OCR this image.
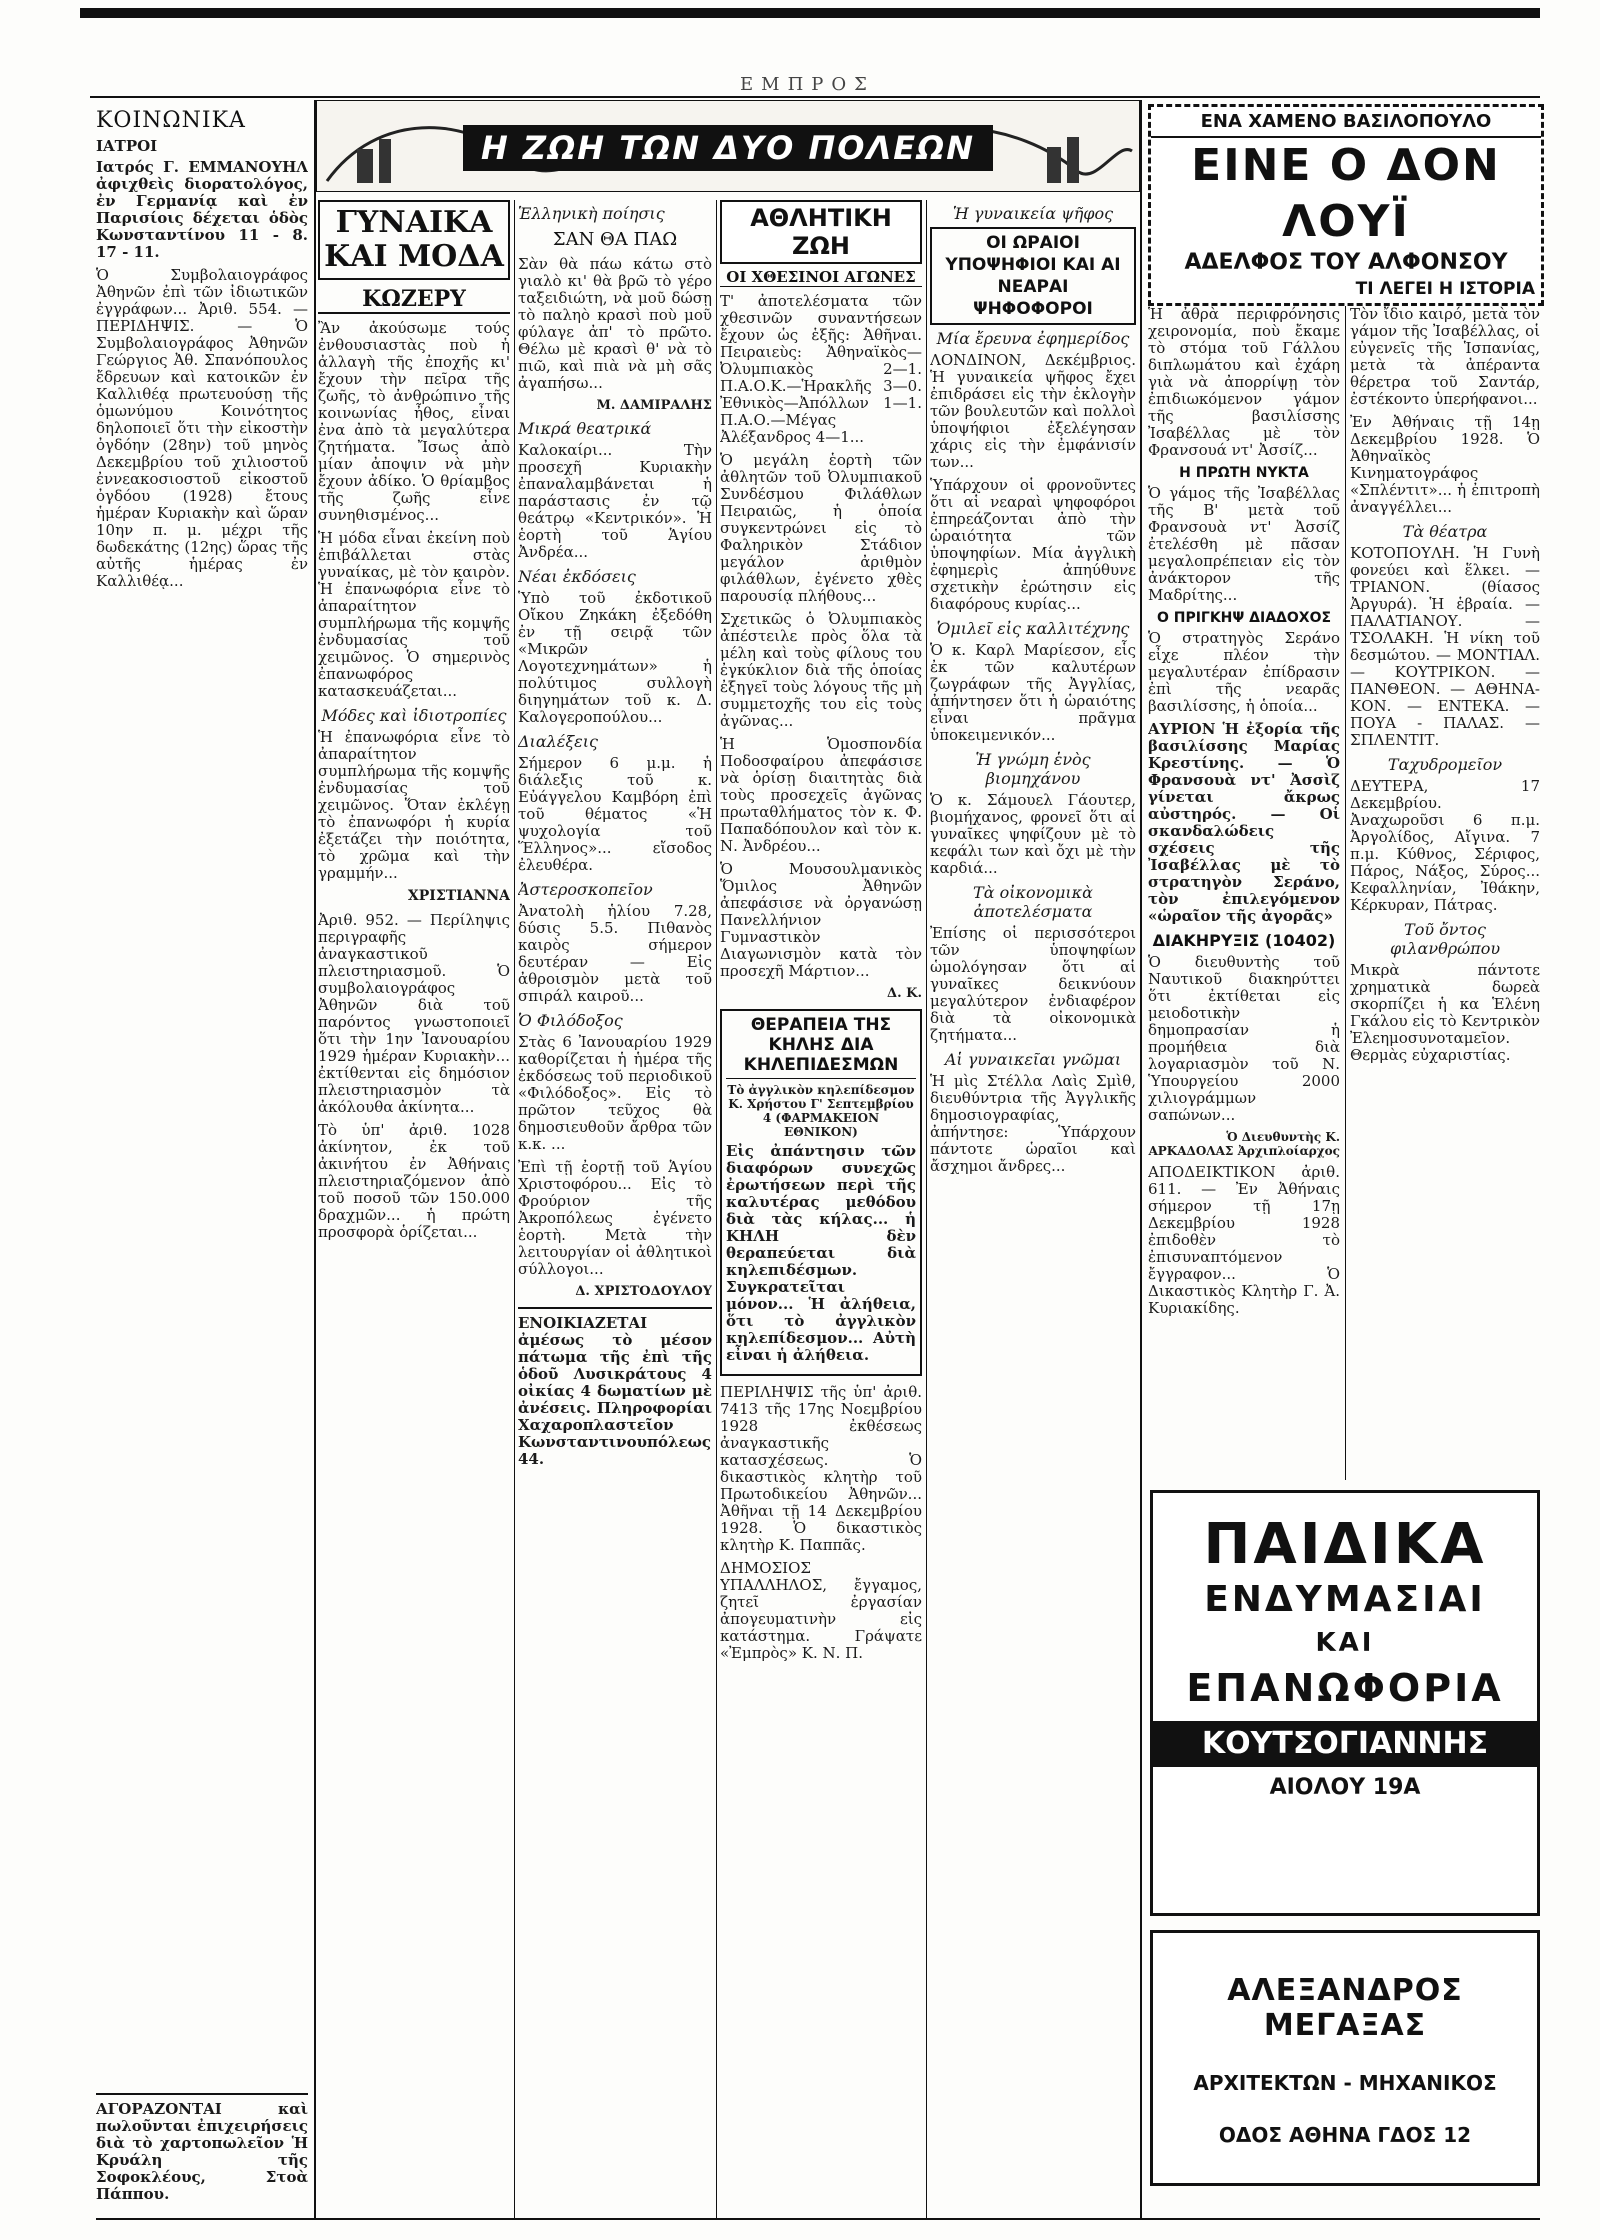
ΕΜΠΡΟΣ
Η ΖΩΗ ΤΩΝ ΔΥΟ ΠΟΛΕΩΝ
ΚΟΙΝΩΝΙΚΑ
ΙΑΤΡΟΙ

Ιατρός Γ. ΕΜΜΑΝΟΥΗΛ ἀφιχθεὶς διορατολόγος, ἐν Γερμανίᾳ καὶ ἐν Παρισίοις δέχεται ὁδὸς Κωνσταντίνου 11 - 8. 17 - 11.

Ὁ Συμβολαιογράφος Ἀθηνῶν ἐπὶ τῶν ἰδιωτικῶν ἐγγράφων... Ἀριθ. 554. — ΠΕΡΙΔΗΨΙΣ. — Ὁ Συμβολαιογράφος Ἀθηνῶν Γεώργιος Ἀθ. Σπανόπουλος ἔδρευων καὶ κατοικῶν ἐν Καλλιθέᾳ πρωτευούσῃ τῆς ὁμωνύμου Κοινότητος δηλοποιεῖ ὅτι τὴν εἰκοστὴν ὀγδόην (28ην) τοῦ μηνὸς Δεκεμβρίου τοῦ χιλιοστοῦ ἐννεακοσιοστοῦ εἰκοστοῦ ὀγδόου (1928) ἔτους ἡμέραν Κυριακὴν καὶ ὥραν 10ην π. μ. μέχρι τῆς δωδεκάτης (12ης) ὥρας τῆς αὐτῆς ἡμέρας ἐν Καλλιθέᾳ...

ΑΓΟΡΑΖΟΝΤΑΙ καὶ πωλοῦνται ἐπιχειρήσεις διὰ τὸ χαρτοπωλεῖον Ἡ Κρυάλη τῆς Σοφοκλέους, Στοὰ Πάππου.

ΓΥΝΑΙΚΑ ΚΑΙ ΜΟΔΑ
ΚΩΖΕΡΥ

Ἂν ἀκούσωμε τούς ἐνθουσιαστὰς ποὺ ἡ ἀλλαγὴ τῆς ἐποχῆς κι' ἔχουν τὴν πεῖρα τῆς ζωῆς, τὸ ἀνθρώπινο τῆς κοινωνίας ἦθος, εἶναι ἐνα ἀπὸ τὰ μεγαλύτερα ζητήματα. Ἴσως ἀπὸ μίαν ἀποψιν νὰ μὴν ἔχουν ἀδίκο. Ὁ θρίαμβος τῆς ζωῆς εἶνε συνηθισμένος...

Ἡ μόδα εἶναι ἐκείνη ποὺ ἐπιβάλλεται στὰς γυναίκας, μὲ τὸν καιρὸν. Ἡ ἐπανωφόρια εἶνε τὸ ἀπαραίτητον συμπλήρωμα τῆς κομψῆς ἐνδυμασίας τοῦ χειμῶνος. Ὁ σημερινὸς ἐπανωφόρος κατασκευάζεται...

Μόδες καὶ ἰδιοτροπίες

Ἡ ἐπανωφόρια εἶνε τὸ ἀπαραίτητον συμπλήρωμα τῆς κομψῆς ἐνδυμασίας τοῦ χειμῶνος. Ὅταν ἐκλέγῃ τὸ ἐπανωφόρι ἡ κυρία ἐξετάζει τὴν ποιότητα, τὸ χρῶμα καὶ τὴν γραμμήν...

ΧΡΙΣΤΙΑΝΝΑ

Ἀριθ. 952. — Περίληψις περιγραφῆς ἀναγκαστικοῦ πλειστηριασμοῦ. Ὁ συμβολαιογράφος Ἀθηνῶν διὰ τοῦ παρόντος γνωστοποιεῖ ὅτι τὴν 1ην Ἰανουαρίου 1929 ἡμέραν Κυριακὴν... ἐκτίθενται εἰς δημόσιον πλειστηριασμὸν τὰ ἀκόλουθα ἀκίνητα...

Τὸ ὑπ' ἀριθ. 1028 ἀκίνητον, ἐκ τοῦ ἀκινήτου ἐν Ἀθήναις πλειστηριαζόμενον ἀπὸ τοῦ ποσοῦ τῶν 150.000 δραχμῶν... ἡ πρώτη προσφορὰ ὁρίζεται...

Ἑλληνικὴ ποίησις
ΣΑΝ ΘΑ ΠΑΩ

Σὰν θὰ πάω κάτω στὸ γιαλὸ κι' θὰ βρῶ τὸ γέρο ταξειδιώτη, νὰ μοῦ δώσῃ τὸ παληὸ κρασὶ ποὺ μοῦ φύλαγε ἀπ' τὸ πρῶτο. Θέλω μὲ κρασὶ θ' νὰ τὸ πιῶ, καὶ πιὰ νὰ μὴ σᾶς ἀγαπήσω...

Μ. ΔΑΜΙΡΑΛΗΣ
Μικρά θεατρικά

Καλοκαίρι... Τὴν προσεχῆ Κυριακὴν ἐπαναλαμβάνεται ἡ παράστασις ἐν τῷ θεάτρῳ «Κεντρικόν». Ἡ ἑορτὴ τοῦ Ἁγίου Ἀνδρέα...

Νέαι ἐκδόσεις

Ὑπὸ τοῦ ἐκδοτικοῦ Οἴκου Ζηκάκη ἐξεδόθη ἐν τῇ σειρᾷ τῶν «Μικρῶν Λογοτεχνημάτων» ἡ πολύτιμος συλλογὴ διηγημάτων τοῦ κ. Δ. Καλογεροπούλου...

Διαλέξεις

Σήμερον 6 μ.μ. ἡ διάλεξις τοῦ κ. Εὐάγγελου Καμβόρη ἐπὶ τοῦ θέματος «Ἡ ψυχολογία τοῦ Ἕλληνος»... εἴσοδος ἐλευθέρα.

Ἀστεροσκοπεῖον

Ἀνατολὴ ἡλίου 7.28, δύσις 5.5. Πιθανὸς καιρὸς σήμερον δευτέραν — Εἰς ἀθροισμὸν μετὰ τοῦ σπιράλ καιροῦ...

Ὁ Φιλόδοξος

Στὰς 6 Ἰανουαρίου 1929 καθορίζεται ἡ ἡμέρα τῆς ἐκδόσεως τοῦ περιοδικοῦ «Φιλόδοξος». Εἰς τὸ πρῶτον τεῦχος θὰ δημοσιευθοῦν ἄρθρα τῶν κ.κ. ...

Ἐπὶ τῇ ἐορτῇ τοῦ Ἁγίου Χριστοφόρου... Εἰς τὸ Φρούριον τῆς Ἀκροπόλεως ἐγένετο ἑορτὴ. Μετὰ τὴν λειτουργίαν οἱ ἀθλητικοὶ σύλλογοι...

Δ. ΧΡΙΣΤΟΔΟΥΛΟΥ

ΕΝΟΙΚΙΑΖΕΤΑΙ ἀμέσως τὸ μέσον πάτωμα τῆς ἐπὶ τῆς ὁδοῦ Λυσικράτους 4 οἰκίας 4 δωματίων μὲ ἀνέσεις. Πληροφορίαι Χαχαροπλαστεῖον Κωνσταντινουπόλεως 44.

ΑΘΛΗΤΙΚΗ ΖΩΗ
ΟΙ ΧΘΕΣΙΝΟΙ ΑΓΩΝΕΣ

Τ' ἀποτελέσματα τῶν χθεσινῶν συναντήσεων ἔχουν ὡς ἑξῆς: Ἀθῆναι. Πειραιεὺς: Ἀθηναϊκὸς—Ὀλυμπιακὸς 2—1. Π.Α.Ο.Κ.—Ἡρακλῆς 3—0. Ἐθνικὸς—Ἀπόλλων 1—1. Π.Α.Ο.—Μέγας Ἀλέξανδρος 4—1...

Ὁ μεγάλη ἑορτὴ τῶν ἀθλητῶν τοῦ Ὀλυμπιακοῦ Συνδέσμου Φιλάθλων Πειραιῶς, ἡ ὁποία συγκεντρώνει εἰς τὸ Φαληρικὸν Στάδιον μεγάλον ἀριθμὸν φιλάθλων, ἐγένετο χθὲς παρουσίᾳ πλήθους...

Σχετικῶς ὁ Ὀλυμπιακὸς ἀπέστειλε πρὸς ὅλα τὰ μέλη καὶ τοὺς φίλους του ἐγκύκλιον διὰ τῆς ὁποίας ἐξηγεῖ τοὺς λόγους τῆς μὴ συμμετοχῆς του εἰς τοὺς ἀγῶνας...

Ἡ Ὁμοσπονδία Ποδοσφαίρου ἀπεφάσισε νὰ ὁρίσῃ διαιτητὰς διὰ τοὺς προσεχεῖς ἀγῶνας πρωταθλήματος τὸν κ. Φ. Παπαδόπουλον καὶ τὸν κ. Ν. Ἀνδρέου...

Ὁ Μουσουλμανικὸς Ὅμιλος Ἀθηνῶν ἀπεφάσισε νὰ ὀργανώσῃ Πανελλήνιον Γυμναστικὸν Διαγωνισμὸν κατὰ τὸν προσεχῆ Μάρτιον...

Δ. Κ.
ΘΕΡΑΠΕΙΑ ΤΗΣ ΚΗΛΗΣ ΔΙΑ ΚΗΛΕΠΙΔΕΣΜΩΝ
Τὸ ἀγγλικὸν κηλεπίδεσμον Κ. Χρήστου Γ' Σεπτεμβρίου 4 (ΦΑΡΜΑΚΕΙΟΝ ΕΘΝΙΚΟΝ)

Εἰς ἀπάντησιν τῶν διαφόρων συνεχῶς ἐρωτήσεων περὶ τῆς καλυτέρας μεθόδου διὰ τὰς κήλας... ἡ ΚΗΛΗ δὲν θεραπεύεται διὰ κηλεπιδέσμων. Συγκρατεῖται μόνον... Ἡ ἀλήθεια, ὅτι τὸ ἀγγλικὸν κηλεπίδεσμον... Αὐτὴ εἶναι ἡ ἀλήθεια.

ΠΕΡΙΛΗΨΙΣ τῆς ὑπ' ἀριθ. 7413 τῆς 17ης Νοεμβρίου 1928 ἐκθέσεως ἀναγκαστικῆς κατασχέσεως. Ὁ δικαστικὸς κλητὴρ τοῦ Πρωτοδικείου Ἀθηνῶν... Ἀθῆναι τῇ 14 Δεκεμβρίου 1928. Ὁ δικαστικὸς κλητὴρ Κ. Παππᾶς.

ΔΗΜΟΣΙΟΣ ΥΠΑΛΛΗΛΟΣ, ἔγγαμος, ζητεῖ ἐργασίαν ἀπογευματινὴν εἰς κατάστημα. Γράψατε «Ἐμπρὸς» Κ. Ν. Π.

Ἡ γυναικεία ψῆφος
ΟΙ ΩΡΑΙΟΙ ΥΠΟΨΗΦΙΟΙ ΚΑΙ ΑΙ ΝΕΑΡΑΙ ΨΗΦΟΦΟΡΟΙ
Μία ἔρευνα ἐφημερίδος

ΛΟΝΔΙΝΟΝ, Δεκέμβριος. Ἡ γυναικεία ψῆφος ἔχει ἐπιδράσει εἰς τὴν ἐκλογὴν τῶν βουλευτῶν καὶ πολλοὶ ὑποψήφιοι ἐξελέγησαν χάρις εἰς τὴν ἐμφάνισίν των...

Ὑπάρχουν οἱ φρονοῦντες ὅτι αἱ νεαραὶ ψηφοφόροι ἐπηρεάζονται ἀπὸ τὴν ὡραιότητα τῶν ὑποψηφίων. Μία ἀγγλικὴ ἐφημερὶς ἀπηύθυνε σχετικὴν ἐρώτησιν εἰς διαφόρους κυρίας...

Ὁμιλεῖ εἰς καλλιτέχνης

Ὁ κ. Καρλ Μαρίεσον, εἷς ἐκ τῶν καλυτέρων ζωγράφων τῆς Ἀγγλίας, ἀπήντησεν ὅτι ἡ ὡραιότης εἶναι πρᾶγμα ὑποκειμενικόν...

Ἡ γνώμη ἑνὸς βιομηχάνου

Ὁ κ. Σάμουελ Γάουτερ, βιομήχανος, φρονεῖ ὅτι αἱ γυναῖκες ψηφίζουν μὲ τὸ κεφάλι των καὶ ὄχι μὲ τὴν καρδιά...

Τὰ οἰκονομικὰ ἀποτελέσματα

Ἐπίσης οἱ περισσότεροι τῶν ὑποψηφίων ὡμολόγησαν ὅτι αἱ γυναῖκες δεικνύουν μεγαλύτερον ἐνδιαφέρον διὰ τὰ οἰκονομικὰ ζητήματα...

Αἱ γυναικεῖαι γνῶμαι

Ἡ μὶς Στέλλα Λαὶς Σμὶθ, διευθύντρια τῆς Ἀγγλικῆς δημοσιογραφίας, ἀπήντησε: Ὑπάρχουν πάντοτε ὡραῖοι καὶ ἄσχημοι ἄνδρες...

ΕΝΑ ΧΑΜΕΝΟ ΒΑΣΙΛΟΠΟΥΛΟ
ΕΙΝΕ Ο ΔΟΝ ΛΟΥΪ
ΑΔΕΛΦΟΣ ΤΟΥ ΑΛΦΟΝΣΟΥ
ΤΙ ΛΕΓΕΙ Η ΙΣΤΟΡΙΑ

Ἡ ἀθρὰ περιφρόνησις χειρονομία, ποὺ ἔκαμε τὸ στόμα τοῦ Γάλλου διπλωμάτου καὶ ἐχάρη γιὰ νὰ ἀπορρίψῃ τὸν ἐπιδιωκόμενον γάμον τῆς βασιλίσσης Ἰσαβέλλας μὲ τὸν Φρανσουά ντ' Ἀσσίζ...

Η ΠΡΩΤΗ ΝΥΚΤΑ

Ὁ γάμος τῆς Ἰσαβέλλας τῆς Β' μετὰ τοῦ Φρανσουὰ ντ' Ἀσσίζ ἐτελέσθη μὲ πᾶσαν μεγαλοπρέπειαν εἰς τὸν ἀνάκτορον τῆς Μαδρίτης...

Ο ΠΡΙΓΚΗΨ ΔΙΑΔΟΧΟΣ

Ὁ στρατηγὸς Σεράνο εἶχε πλέον τὴν μεγαλυτέραν ἐπίδρασιν ἐπὶ τῆς νεαρᾶς βασιλίσσης, ἡ ὁποία...

ΑΥΡΙΟΝ Ἡ ἐξορία τῆς βασιλίσσης Μαρίας Κρεστίνης. — Ὁ Φρανσουὰ ντ' Ἀσσὶζ γίνεται ἄκρως αὐστηρός. — Οἱ σκανδαλώδεις σχέσεις τῆς Ἰσαβέλλας μὲ τὸ στρατηγὸν Σεράνο, τὸν ἐπιλεγόμενον «ὡραῖον τῆς ἀγορᾶς»

ΔΙΑΚΗΡΥΞΙΣ (10402)

Ὁ διευθυντὴς τοῦ Ναυτικοῦ διακηρύττει ὅτι ἐκτίθεται εἰς μειοδοτικὴν δημοπρασίαν ἡ προμήθεια διὰ λογαριασμὸν τοῦ Ν. Ὑπουργείου 2000 χιλιογράμμων σαπώνων...

Ὁ Διευθυντὴς Κ. ΑΡΚΑΔΟΛΑΣ Ἀρχιπλοίαρχος

ΑΠΟΔΕΙΚΤΙΚΟΝ ἀριθ. 611. — Ἐν Ἀθήναις σήμερον τῇ 17ῃ Δεκεμβρίου 1928 ἐπιδοθὲν τὸ ἐπισυναπτόμενον ἔγγραφον... Ὁ Δικαστικὸς Κλητὴρ Γ. Ἀ. Κυριακίδης.

Τὸν ἴδιο καιρό, μετὰ τὸν γάμον τῆς Ἰσαβέλλας, οἱ εὐγενεῖς τῆς Ἱσπανίας, μετὰ τὰ ἀπέραντα θέρετρα τοῦ Σαντάρ, ἐστέκοντο ὑπερήφανοι...

Ἐν Ἀθήναις τῇ 14ῃ Δεκεμβρίου 1928. Ὁ Ἀθηναϊκὸς Κινηματογράφος «Σπλέντιτ»... ἡ ἐπιτροπὴ ἀναγγέλλει...

Τὰ θέατρα

ΚΟΤΟΠΟΥΛΗ. Ἡ Γυνὴ φονεύει καὶ ἕλκει. — ΤΡΙΑΝΟΝ. (θίασος Ἀργυρά). Ἡ ἑβραία. — ΠΑΛΑΤΙΑΝΟΥ. — ΤΣΟΛΑΚΗ. Ἡ νίκη τοῦ δεσμώτου. — ΜΟΝΤΙΑΛ. — ΚΟΥΤΡΙΚΟΝ. — ΠΑΝΘΕΟΝ. — ΑΘΗΝΑ-ΚΟΝ. — ΕΝΤΕΚΑ. — ΠΟΥΑ - ΠΑΛΑΣ. — ΣΠΛΕΝΤΙΤ.

Ταχυδρομεῖον

ΔΕΥΤΕΡΑ, 17 Δεκεμβρίου. Ἀναχωροῦσι 6 π.μ. Ἀργολίδος, Αἴγινα. 7 π.μ. Κύθνος, Σέριφος, Πάρος, Νάξος, Σύρος... Κεφαλληνίαν, Ἰθάκην, Κέρκυραν, Πάτρας.

Τοῦ ὄντος φιλανθρώπου

Μικρὰ πάντοτε χρηματικὰ δωρεὰ σκορπίζει ἡ κα Ἑλένη Γκάλου εἰς τὸ Κεντρικὸν Ἐλεημοσυνοταμεῖον. Θερμὰς εὐχαριστίας.

ΠΑΙΔΙΚΑ
ΕΝΔΥΜΑΣΙΑΙ
ΚΑΙ
ΕΠΑΝΩΦΟΡΙΑ
ΚΟΥΤΣΟΓΙΑΝΝΗΣ
ΑΙΟΛΟΥ 19Α
ΑΛΕΞΑΝΔΡΟΣ ΜΕΓΑΞΑΣ
ΑΡΧΙΤΕΚΤΩΝ - ΜΗΧΑΝΙΚΟΣ
ΟΔΟΣ ΑΘΗΝΑ ΓΔΟΣ 12
